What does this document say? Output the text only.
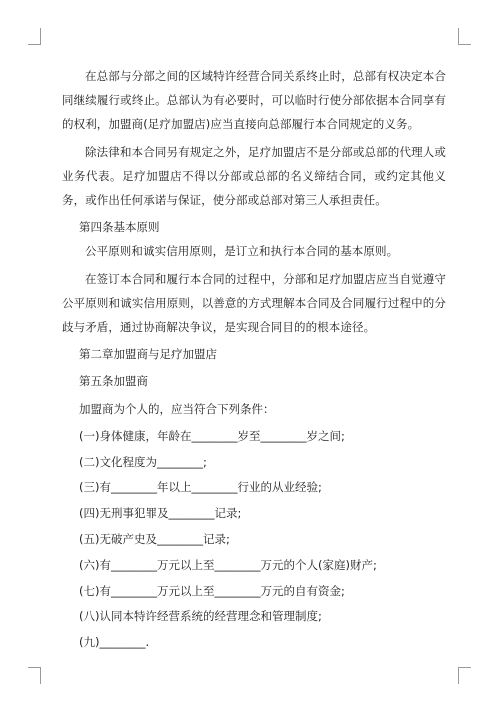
在总部与分部之间的区域特许经营合同关系终止时，总部有权决定本合同继续履行或终止。总部认为有必要时，可以临时行使分部依据本合同享有的权利，加盟商(足疗加盟店)应当直接向总部履行本合同规定的义务。

除法律和本合同另有规定之外，足疗加盟店不是分部或总部的代理人或业务代表。足疗加盟店不得以分部或总部的名义缔结合同，或约定其他义务，或作出任何承诺与保证，使分部或总部对第三人承担责任。

第四条基本原则

公平原则和诚实信用原则，是订立和执行本合同的基本原则。

在签订本合同和履行本合同的过程中，分部和足疗加盟店应当自觉遵守公平原则和诚实信用原则，以善意的方式理解本合同及合同履行过程中的分歧与矛盾，通过协商解决争议，是实现合同目的的根本途径。

第二章加盟商与足疗加盟店

第五条加盟商

加盟商为个人的，应当符合下列条件：

(一)身体健康，年龄在________岁至________岁之间;

(二)文化程度为________;

(三)有________年以上________行业的从业经验;

(四)无刑事犯罪及________记录;

(五)无破产史及________记录;

(六)有________万元以上至________万元的个人(家庭)财产;

(七)有________万元以上至________万元的自有资金;

(八)认同本特许经营系统的经营理念和管理制度;

(九)________.
